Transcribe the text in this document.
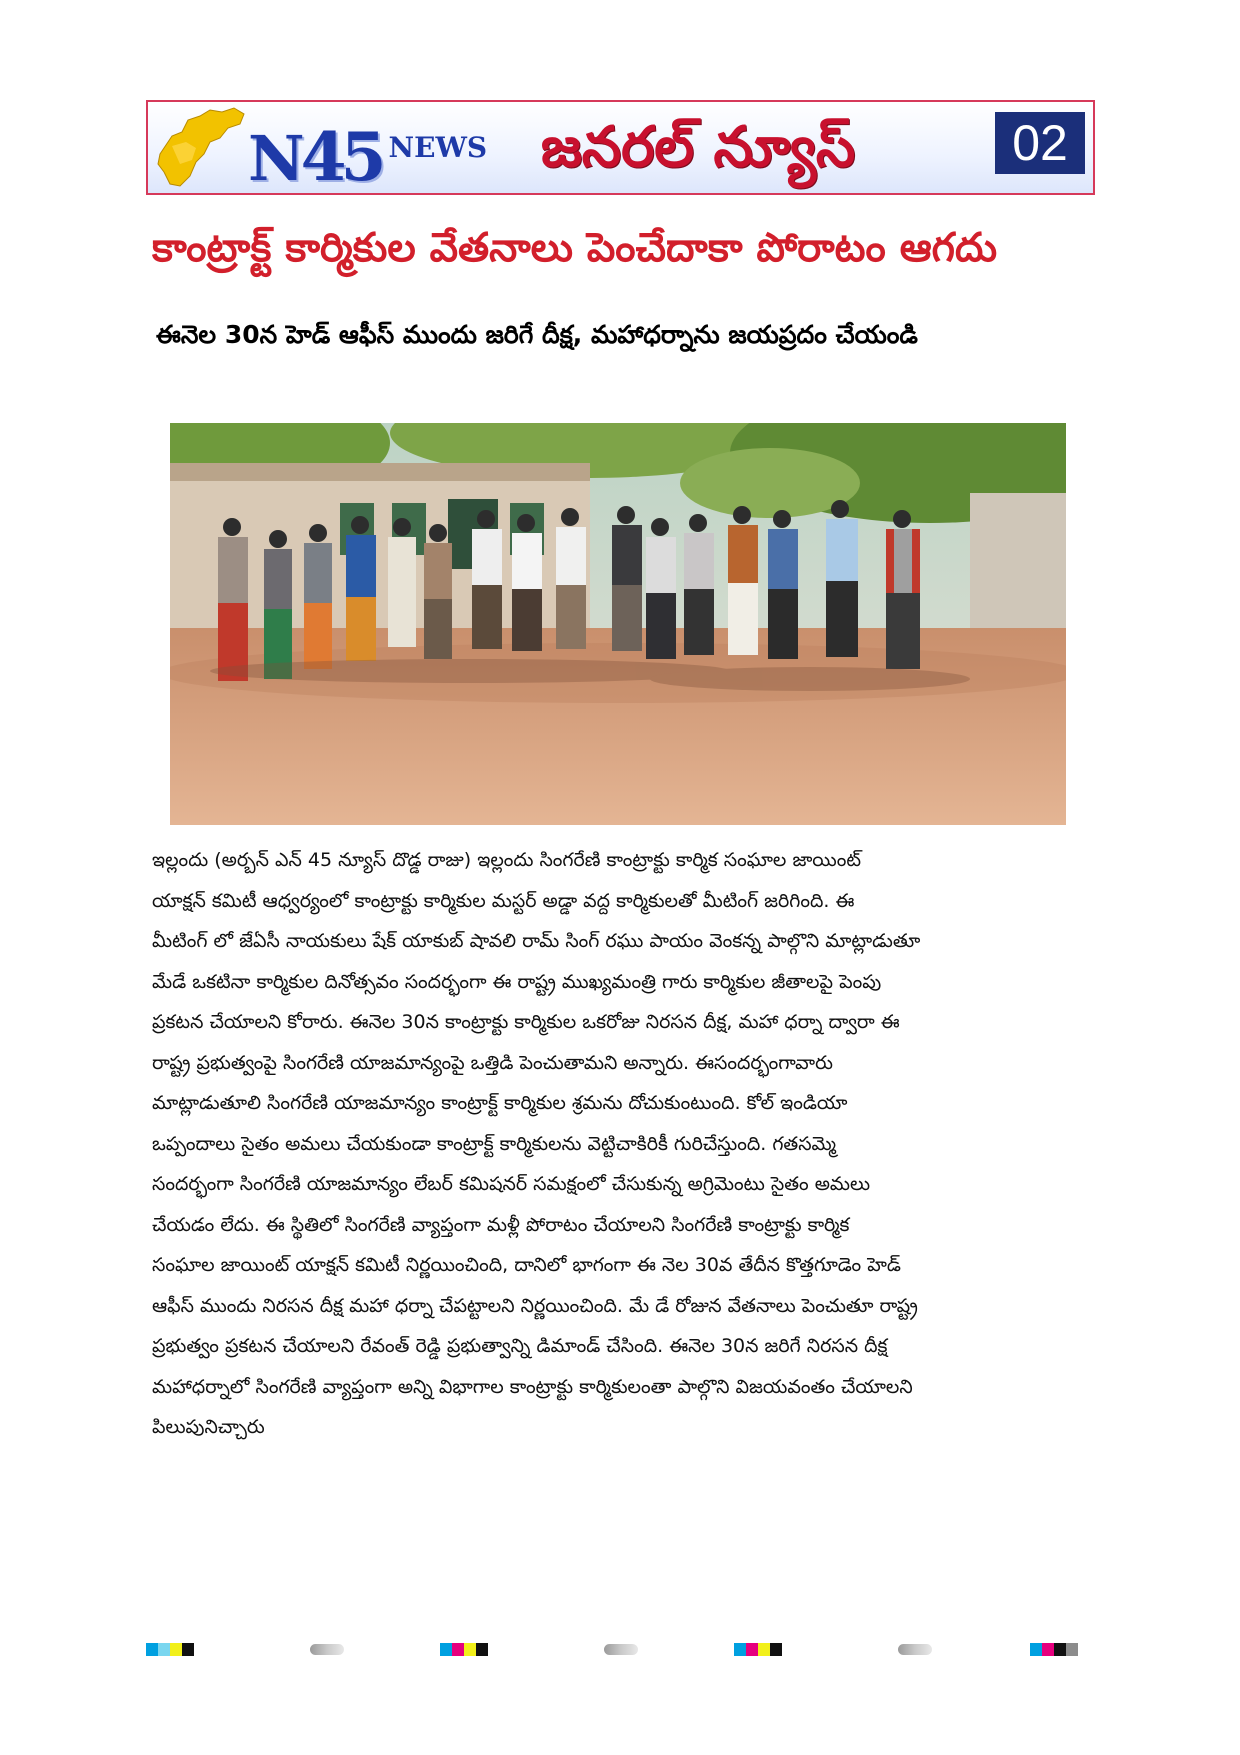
N
45 NEWS జనరల్ న్యూస్	02
కాంట్రాక్ట్ కార్మికుల వేతనాలు పెంచేదాకా పోరాటం ఆగదు
ఈనెల 30న హెడ్ ఆఫీస్ ముందు జరిగే దీక్ష, మహాధర్నాను జయప్రదం చేయండి
ఇల్లందు (అర్బన్ ఎన్ 45 న్యూస్ దొడ్డ రాజు) ఇల్లందు సింగరేణి కాంట్రాక్టు కార్మిక సంఘాల జాయింట్
యాక్షన్ కమిటీ ఆధ్వర్యంలో కాంట్రాక్టు కార్మికుల మస్టర్ అడ్డా వద్ద కార్మికులతో మీటింగ్ జరిగింది. ఈ
మీటింగ్ లో జేఏసీ నాయకులు షేక్ యాకుబ్ షావలి రామ్ సింగ్ రఘు పాయం వెంకన్న పాల్గొని మాట్లాడుతూ
మేడే ఒకటినా కార్మికుల దినోత్సవం సందర్భంగా ఈ రాష్ట్ర ముఖ్యమంత్రి గారు కార్మికుల జీతాలపై పెంపు
ప్రకటన చేయాలని కోరారు. ఈనెల 30న కాంట్రాక్టు కార్మికుల ఒకరోజు నిరసన దీక్ష, మహా ధర్నా ద్వారా ఈ
రాష్ట్ర ప్రభుత్వంపై సింగరేణి యాజమాన్యంపై ఒత్తిడి పెంచుతామని అన్నారు. ఈసందర్భంగావారు
మాట్లాడుతూలి సింగరేణి యాజమాన్యం కాంట్రాక్ట్ కార్మికుల శ్రమను దోచుకుంటుంది. కోల్ ఇండియా
ఒప్పందాలు సైతం అమలు చేయకుండా కాంట్రాక్ట్ కార్మికులను వెట్టిచాకిరికీ గురిచేస్తుంది. గతసమ్మె
సందర్భంగా సింగరేణి యాజమాన్యం లేబర్ కమిషనర్ సమక్షంలో చేసుకున్న అగ్రిమెంటు సైతం అమలు
చేయడం లేదు. ఈ స్థితిలో సింగరేణి వ్యాప్తంగా మళ్లీ పోరాటం చేయాలని సింగరేణి కాంట్రాక్టు కార్మిక
సంఘాల జాయింట్ యాక్షన్ కమిటీ నిర్ణయించింది, దానిలో భాగంగా ఈ నెల 30వ తేదీన కొత్తగూడెం హెడ్
ఆఫీస్ ముందు నిరసన దీక్ష మహా ధర్నా చేపట్టాలని నిర్ణయించింది. మే డే రోజున వేతనాలు పెంచుతూ రాష్ట్ర
ప్రభుత్వం ప్రకటన చేయాలని రేవంత్ రెడ్డి ప్రభుత్వాన్ని డిమాండ్ చేసింది. ఈనెల 30న జరిగే నిరసన దీక్ష
మహాధర్నాలో సింగరేణి వ్యాప్తంగా అన్ని విభాగాల కాంట్రాక్టు కార్మికులంతా పాల్గొని విజయవంతం చేయాలని
పిలుపునిచ్చారు
